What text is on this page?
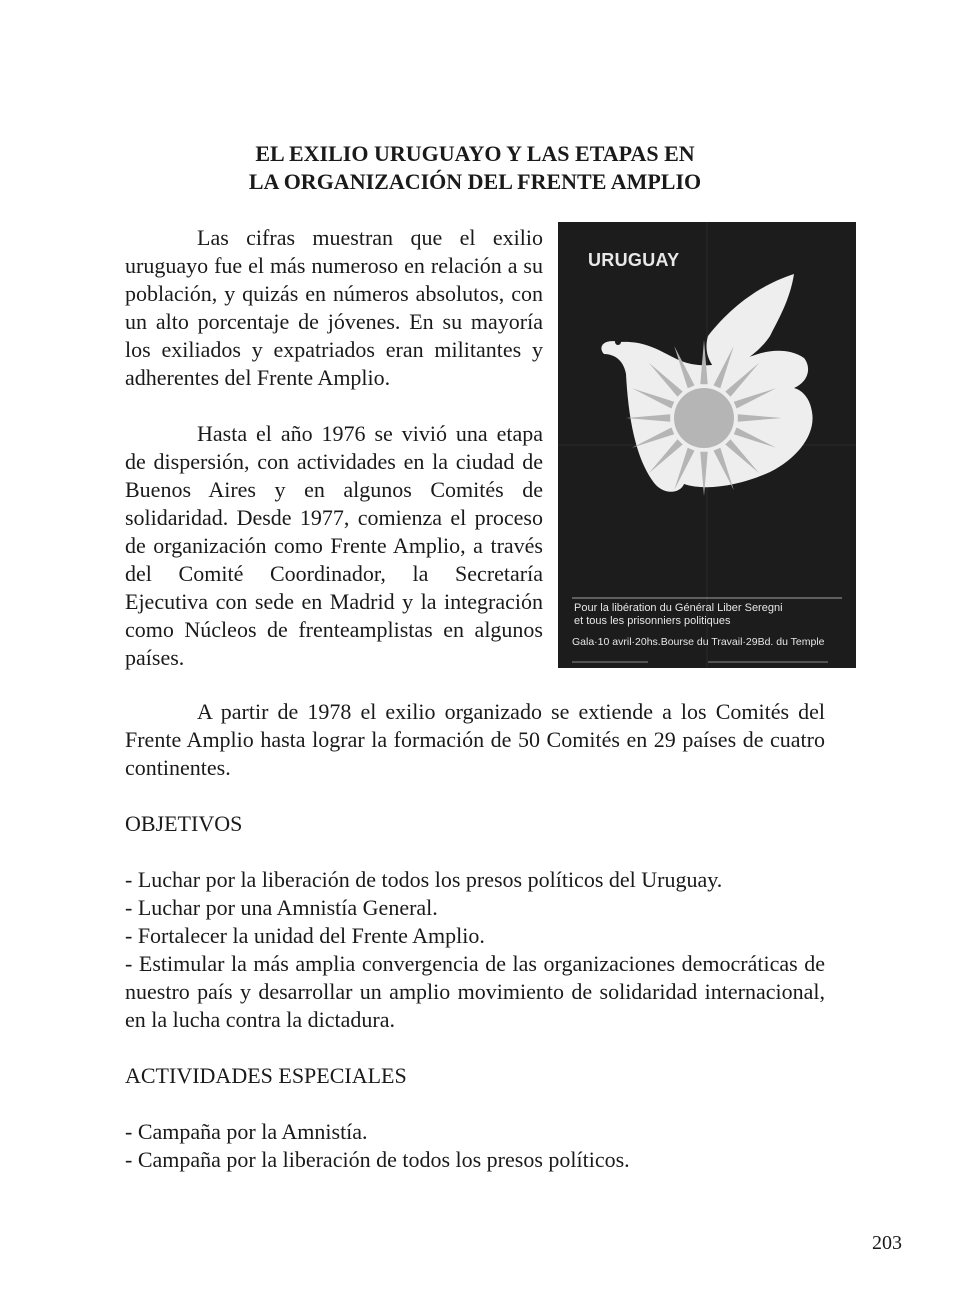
EL EXILIO URUGUAYO Y LAS ETAPAS EN
LA ORGANIZACIÓN DEL FRENTE AMPLIO

Las cifras muestran que el exilio uruguayo fue el más numeroso en relación a su población, y quizás en números absolutos, con un alto porcentaje de jóvenes. En su mayoría los exiliados y expatriados eran militantes y adherentes del Frente Amplio.

Hasta el año 1976 se vivió una etapa de dispersión, con actividades en la ciudad de Buenos Aires y en algunos Comités de solidaridad. Desde 1977, comienza el proceso de organización como Frente Amplio, a través del Comité Coordinador, la Secretaría Ejecutiva con sede en Madrid y la integración como Núcleos de frenteamplistas en algunos países.

URUGUAY
Pour la libération du Général Liber Seregni
et tous les prisonniers politiques
Gala·10 avril·20hs.Bourse du Travail·29Bd. du Temple

A partir de 1978 el exilio organizado se extiende a los Comités del Frente Amplio hasta lograr la formación de 50 Comités en 29 países de cuatro continentes.

OBJETIVOS

- Luchar por la liberación de todos los presos políticos del Uruguay.

- Luchar por una Amnistía General.

- Fortalecer la unidad del Frente Amplio.

- Estimular la más amplia convergencia de las organizaciones democráticas de nuestro país y desarrollar un amplio movimiento de solidaridad internacional, en la lucha contra la dictadura.

ACTIVIDADES ESPECIALES

- Campaña por la Amnistía.

- Campaña por la liberación de todos los presos políticos.

203
